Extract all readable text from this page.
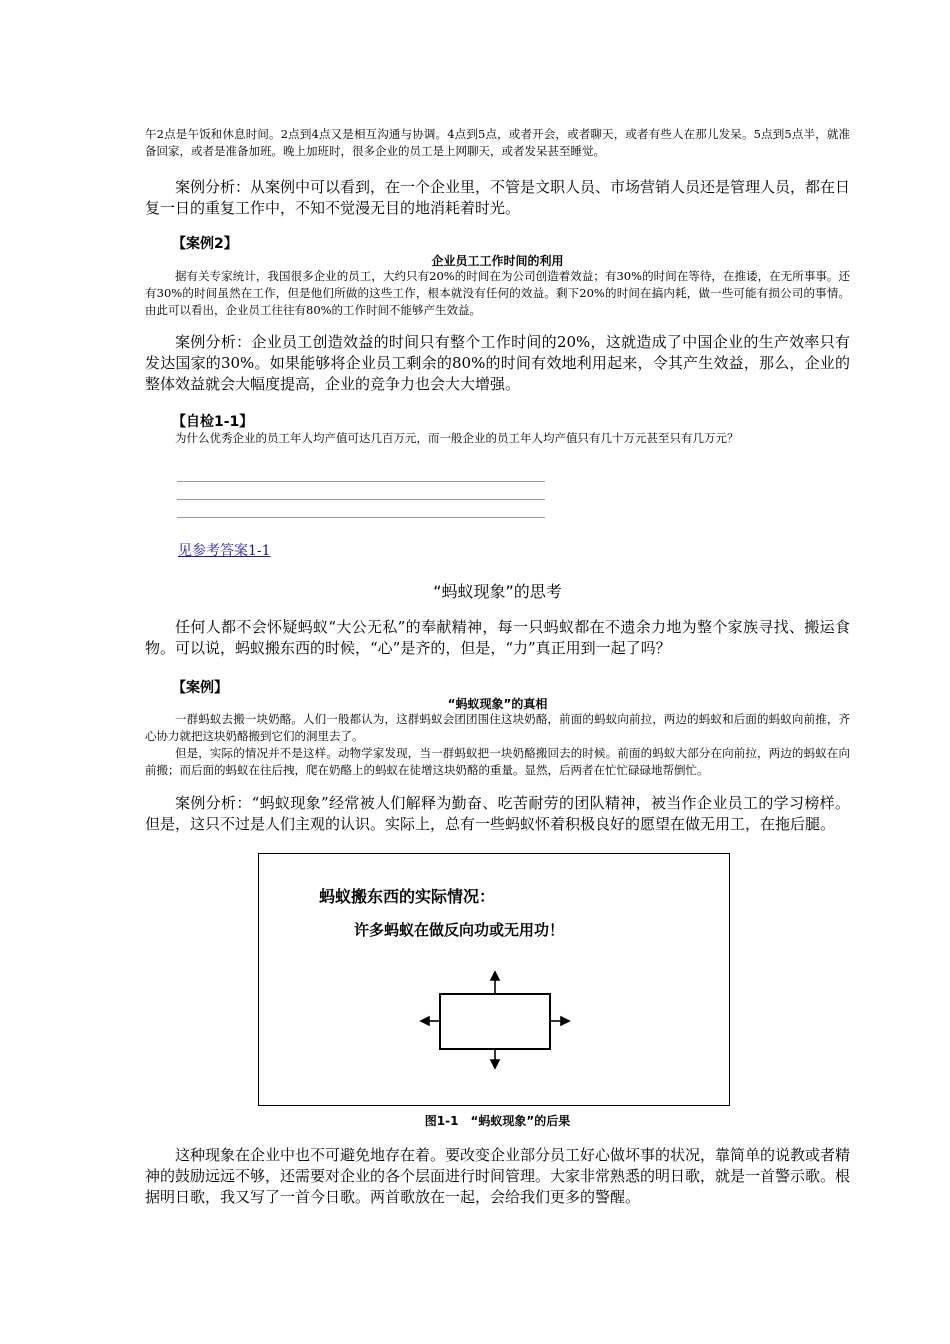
午2点是午饭和休息时间。2点到4点又是相互沟通与协调。4点到5点，或者开会，或者聊天，或者有些人在那儿发呆。5点到5点半，就准备回家，或者是准备加班。晚上加班时，很多企业的员工是上网聊天，或者发呆甚至睡觉。
案例分析：从案例中可以看到，在一个企业里，不管是文职人员、市场营销人员还是管理人员，都在日复一日的重复工作中，不知不觉漫无目的地消耗着时光。
【案例2】
企业员工工作时间的利用
据有关专家统计，我国很多企业的员工，大约只有20%的时间在为公司创造着效益；有30%的时间在等待，在推诿，在无所事事。还有30%的时间虽然在工作，但是他们所做的这些工作，根本就没有任何的效益。剩下20%的时间在搞内耗，做一些可能有损公司的事情。由此可以看出，企业员工往往有80%的工作时间不能够产生效益。
案例分析：企业员工创造效益的时间只有整个工作时间的20%，这就造成了中国企业的生产效率只有发达国家的30%。如果能够将企业员工剩余的80%的时间有效地利用起来，令其产生效益，那么，企业的整体效益就会大幅度提高，企业的竞争力也会大大增强。
【自检1-1】
为什么优秀企业的员工年人均产值可达几百万元，而一般企业的员工年人均产值只有几十万元甚至只有几万元？
见参考答案1-1
“蚂蚁现象”的思考
任何人都不会怀疑蚂蚁“大公无私”的奉献精神，每一只蚂蚁都在不遗余力地为整个家族寻找、搬运食物。可以说，蚂蚁搬东西的时候，“心”是齐的，但是，“力”真正用到一起了吗？
【案例】
“蚂蚁现象”的真相
一群蚂蚁去搬一块奶酪。人们一般都认为，这群蚂蚁会团团围住这块奶酪，前面的蚂蚁向前拉，两边的蚂蚁和后面的蚂蚁向前推，齐心协力就把这块奶酪搬到它们的洞里去了。
但是，实际的情况并不是这样。动物学家发现，当一群蚂蚁把一块奶酪搬回去的时候。前面的蚂蚁大部分在向前拉，两边的蚂蚁在向前搬；而后面的蚂蚁在往后拽，爬在奶酪上的蚂蚁在徒增这块奶酪的重量。显然，后两者在忙忙碌碌地帮倒忙。
案例分析：“蚂蚁现象”经常被人们解释为勤奋、吃苦耐劳的团队精神，被当作企业员工的学习榜样。但是，这只不过是人们主观的认识。实际上，总有一些蚂蚁怀着积极良好的愿望在做无用工，在拖后腿。
蚂蚁搬东西的实际情况：
许多蚂蚁在做反向功或无用功！
图1-1　“蚂蚁现象”的后果
这种现象在企业中也不可避免地存在着。要改变企业部分员工好心做坏事的状况，靠简单的说教或者精神的鼓励远远不够，还需要对企业的各个层面进行时间管理。大家非常熟悉的明日歌，就是一首警示歌。根据明日歌，我又写了一首今日歌。两首歌放在一起，会给我们更多的警醒。
